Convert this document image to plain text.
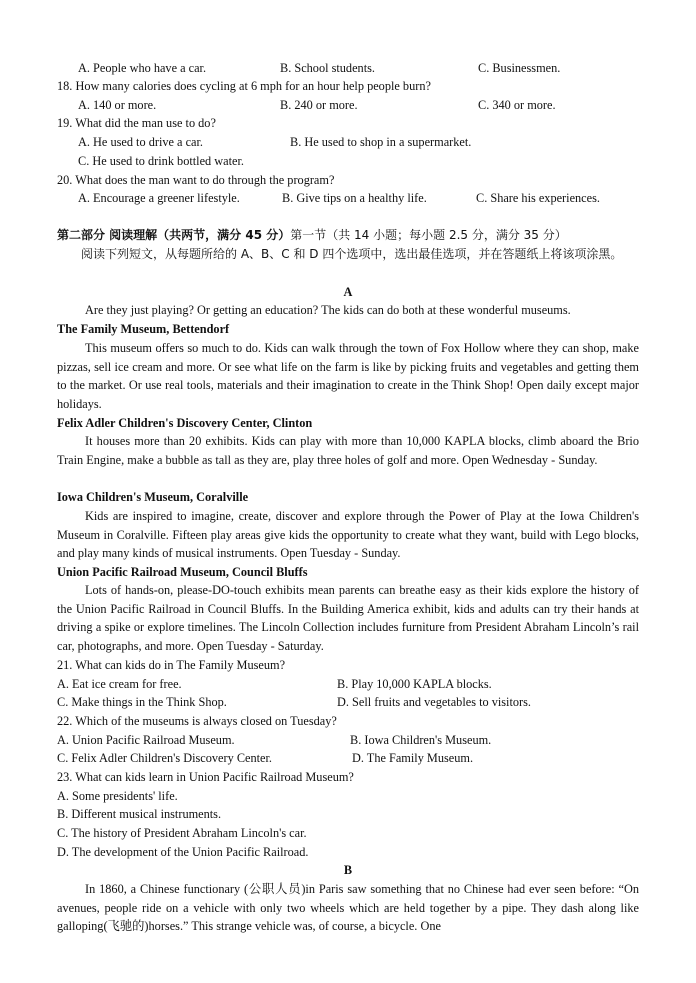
A. People who have a car.	B. School students.	C. Businessmen.
18. How many calories does cycling at 6 mph for an hour help people burn?
A. 140 or more.	B. 240 or more.	C. 340 or more.
19. What did the man use to do?
A. He used to drive a car.	B. He used to shop in a supermarket.
C. He used to drink bottled water.
20. What does the man want to do through the program?
A. Encourage a greener lifestyle.	B. Give tips on a healthy life.	C. Share his experiences.
第二部分 阅读理解（共两节，满分 45 分）第一节（共 14 小题；每小题 2.5 分，满分 35 分）
阅读下列短文，从每题所给的 A、B、C 和 D 四个选项中，选出最佳选项，并在答题纸上将该项涂黑。
A
Are they just playing? Or getting an education? The kids can do both at these wonderful museums.
The Family Museum, Bettendorf
This museum offers so much to do. Kids can walk through the town of Fox Hollow where they can shop, make pizzas, sell ice cream and more. Or see what life on the farm is like by picking fruits and vegetables and getting them to the market. Or use real tools, materials and their imagination to create in the Think Shop! Open daily except major holidays.
Felix Adler Children's Discovery Center, Clinton
It houses more than 20 exhibits. Kids can play with more than 10,000 KAPLA blocks, climb aboard the Brio Train Engine, make a bubble as tall as they are, play three holes of golf and more. Open Wednesday - Sunday.
Iowa Children's Museum, Coralville
Kids are inspired to imagine, create, discover and explore through the Power of Play at the Iowa Children's Museum in Coralville. Fifteen play areas give kids the opportunity to create what they want, build with Lego blocks, and play many kinds of musical instruments. Open Tuesday - Sunday.
Union Pacific Railroad Museum, Council Bluffs
Lots of hands-on, please-DO-touch exhibits mean parents can breathe easy as their kids explore the history of the Union Pacific Railroad in Council Bluffs. In the Building America exhibit, kids and adults can try their hands at driving a spike or explore timelines. The Lincoln Collection includes furniture from President Abraham Lincoln’s rail car, photographs, and more. Open Tuesday - Saturday.
21. What can kids do in The Family Museum?
A. Eat ice cream for free.	B. Play 10,000 KAPLA blocks.
C. Make things in the Think Shop.	D. Sell fruits and vegetables to visitors.
22. Which of the museums is always closed on Tuesday?
A. Union Pacific Railroad Museum.	B. Iowa Children's Museum.
C. Felix Adler Children's Discovery Center.	D. The Family Museum.
23. What can kids learn in Union Pacific Railroad Museum?
A. Some presidents' life.
B. Different musical instruments.
C. The history of President Abraham Lincoln's car.
D. The development of the Union Pacific Railroad.
B
In 1860, a Chinese functionary (公职人员)in Paris saw something that no Chinese had ever seen before: “On avenues, people ride on a vehicle with only two wheels which are held together by a pipe. They dash along like galloping(飞驰的)horses.” This strange vehicle was, of course, a bicycle. One
